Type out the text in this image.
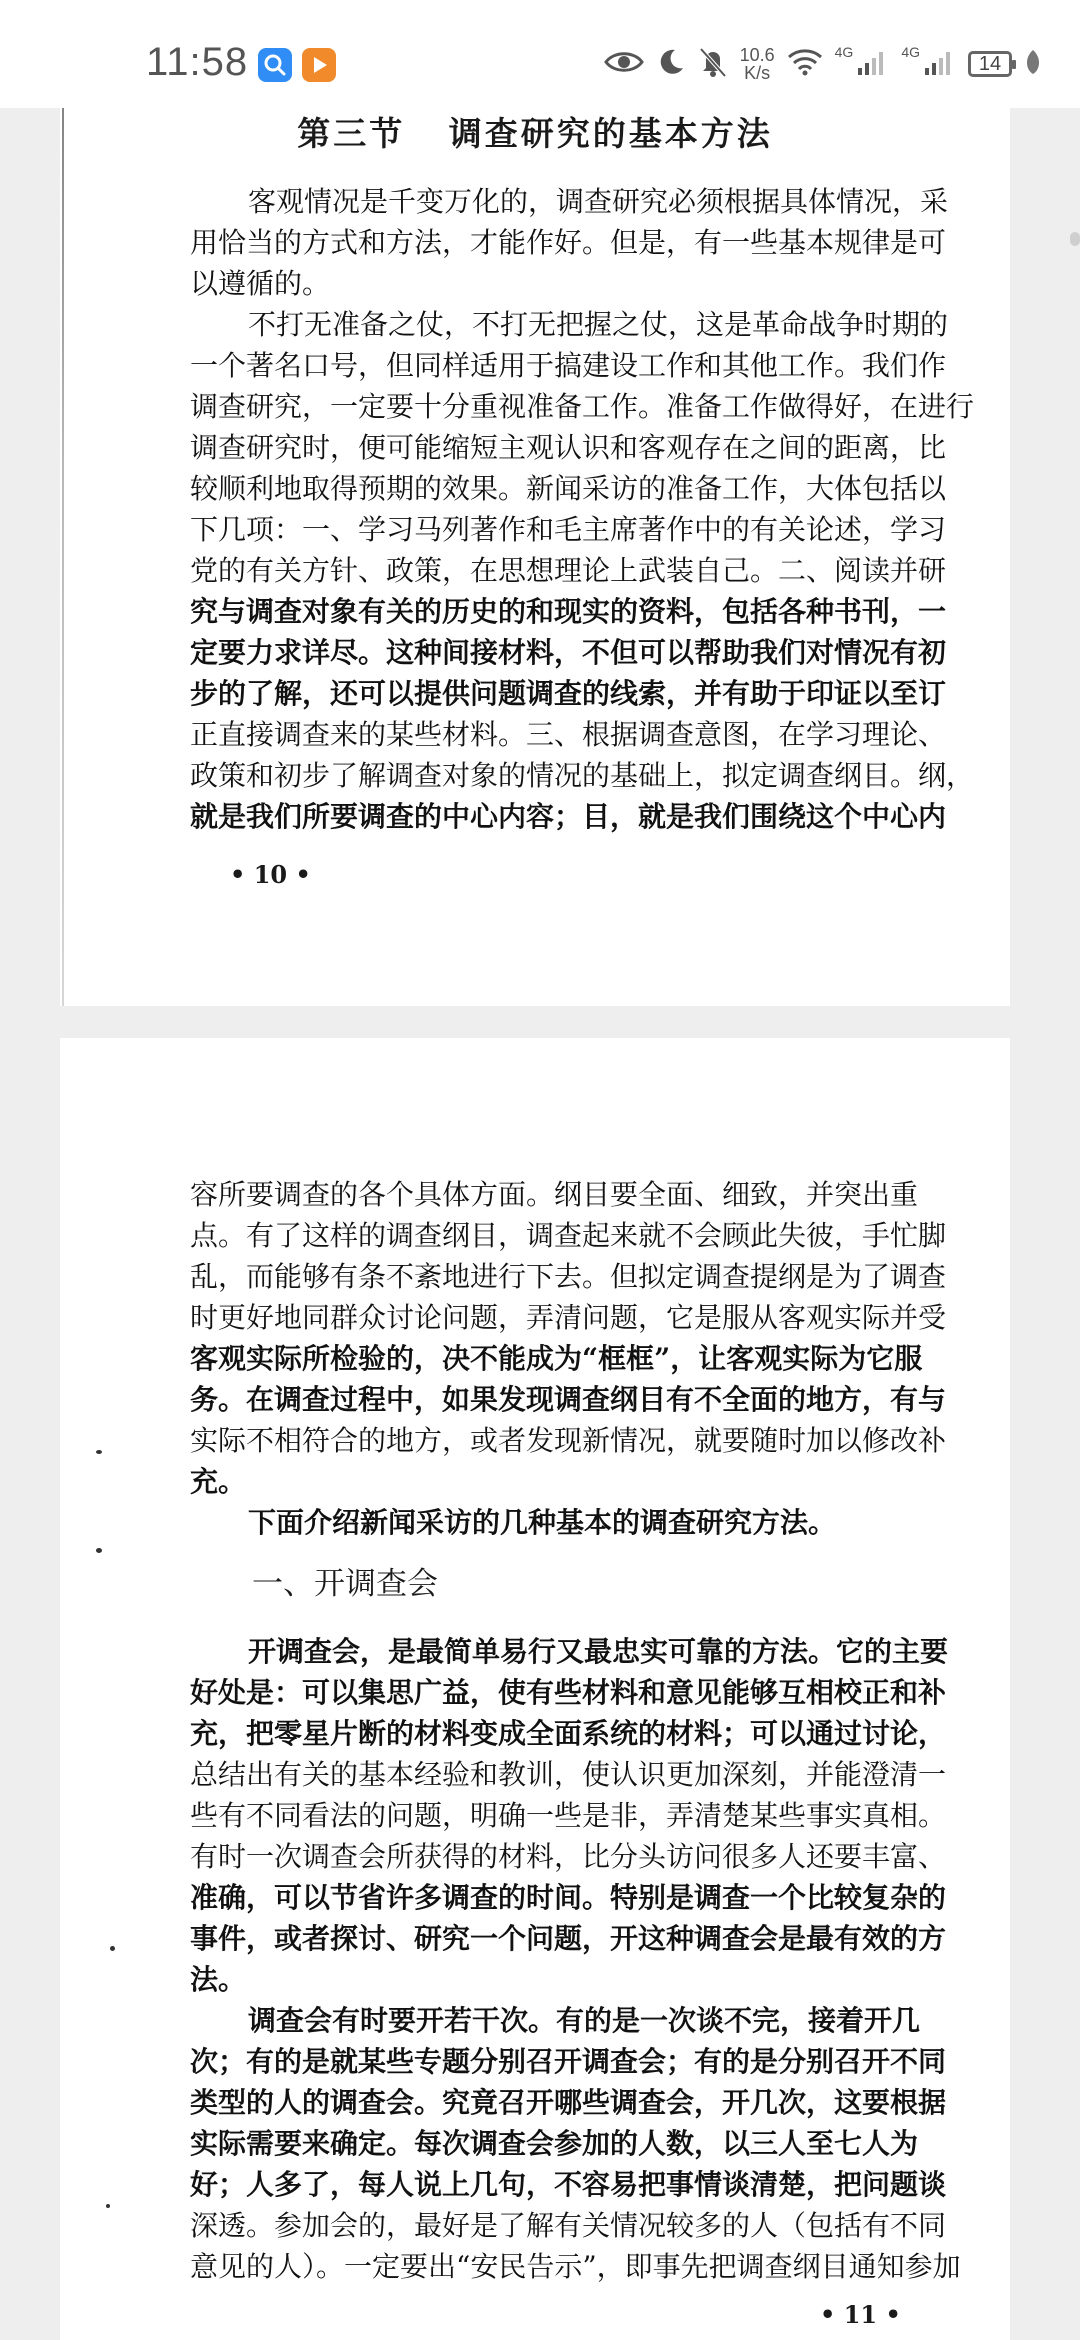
11:58	10.6
K/s
4G	4G
14
第三节   调查研究的基本方法
客观情况是千变万化的，调查研究必须根据具体情况，采
用恰当的方式和方法，才能作好。但是，有一些基本规律是可
以遵循的。
不打无准备之仗，不打无把握之仗，这是革命战争时期的
一个著名口号，但同样适用于搞建设工作和其他工作。我们作
调查研究，一定要十分重视准备工作。准备工作做得好，在进行
调查研究时，便可能缩短主观认识和客观存在之间的距离，比
较顺利地取得预期的效果。新闻采访的准备工作，大体包括以
下几项：一、学习马列著作和毛主席著作中的有关论述，学习
党的有关方针、政策，在思想理论上武装自己。二、阅读并研
究与调查对象有关的历史的和现实的资料，包括各种书刊，一
定要力求详尽。这种间接材料，不但可以帮助我们对情况有初
步的了解，还可以提供问题调查的线索，并有助于印证以至订
正直接调查来的某些材料。三、根据调查意图，在学习理论、
政策和初步了解调查对象的情况的基础上，拟定调查纲目。纲，
就是我们所要调查的中心内容；目，就是我们围绕这个中心内
• 10 •
容所要调查的各个具体方面。纲目要全面、细致，并突出重
点。有了这样的调查纲目，调查起来就不会顾此失彼，手忙脚
乱，而能够有条不紊地进行下去。但拟定调查提纲是为了调查
时更好地同群众讨论问题，弄清问题，它是服从客观实际并受
客观实际所检验的，决不能成为“框框”，让客观实际为它服
务。在调查过程中，如果发现调查纲目有不全面的地方，有与
实际不相符合的地方，或者发现新情况，就要随时加以修改补
充。
下面介绍新闻采访的几种基本的调查研究方法。
一、开调查会
开调查会，是最简单易行又最忠实可靠的方法。它的主要
好处是：可以集思广益，使有些材料和意见能够互相校正和补
充，把零星片断的材料变成全面系统的材料；可以通过讨论，
总结出有关的基本经验和教训，使认识更加深刻，并能澄清一
些有不同看法的问题，明确一些是非，弄清楚某些事实真相。
有时一次调查会所获得的材料，比分头访问很多人还要丰富、
准确，可以节省许多调查的时间。特别是调查一个比较复杂的
事件，或者探讨、研究一个问题，开这种调查会是最有效的方
法。
调查会有时要开若干次。有的是一次谈不完，接着开几
次；有的是就某些专题分别召开调查会；有的是分别召开不同
类型的人的调查会。究竟召开哪些调查会，开几次，这要根据
实际需要来确定。每次调查会参加的人数，以三人至七人为
好；人多了，每人说上几句，不容易把事情谈清楚，把问题谈
深透。参加会的，最好是了解有关情况较多的人（包括有不同
意见的人）。一定要出“安民告示”，即事先把调查纲目通知参加
• 11 •
